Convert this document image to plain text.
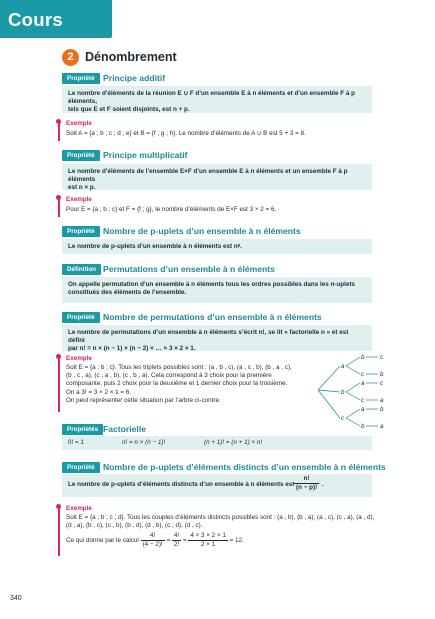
Cours
2 Dénombrement
Propriété Principe additif
Le nombre d’éléments de la réunion E ∪ F d’un ensemble E à n éléments et d’un ensemble F à p éléments,
tels que E et F soient disjoints, est n + p.
Exemple
Soit A = {a ; b ; c ; d ; e} et B = {f ; g ; h}. Le nombre d’éléments de A ∪ B est 5 + 3 = 8.
Propriété Principe multiplicatif
Le nombre d’éléments de l’ensemble E×F d’un ensemble E à n éléments et un ensemble F à p éléments
est n × p.
Exemple
Pour E = {a ; b ; c} et F = {f ; g}, le nombre d’éléments de E×F est 3 × 2 = 6.
Propriété Nombre de p-uplets d’un ensemble à n éléments
Le nombre de p-uplets d’un ensemble à n éléments est nᵖ.
Définition Permutations d’un ensemble à n éléments
On appelle permutation d’un ensemble à n éléments tous les ordres possibles dans les n-uplets
constitués des éléments de l’ensemble.
Propriété Nombre de permutations d’un ensemble à n éléments
Le nombre de permutations d’un ensemble à n éléments s’écrit n!, se lit « factorielle n » et est défini
par n! = n × (n − 1) × (n − 2) × … × 3 × 2 × 1.
Exemple
Soit E = {a ; b ; c}. Tous les triplets possibles sont : (a , b , c), (a , c , b), (b , a , c),
(b , c , a), (c , a , b), (c , b , a). Cela correspond à 3 choix pour la première
composante, puis 2 choix pour la deuxième et 1 dernier choix pour la troisième.
On a 3! = 3 × 2 × 1 = 6.
On peut représenter cette situation par l’arbre ci-contre.
a
b
c
b
c
a
c
a
b
c
b
c
a
b
a
Propriétés Factorielle
0! = 1	n! = n × (n − 1)!	(n + 1)! = (n + 1) × n!
Propriété Nombre de p-uplets d’éléments distincts d’un ensemble à n éléments
Le nombre de p-uplets d’éléments distincts d’un ensemble à n éléments est $\frac{n!}{(n - p)!}$ .
Exemple
Soit E = {a ; b ; c ; d}. Tous les couples d’éléments distincts possibles sont : (a , b), (b , a), (a , c), (c , a), (a , d),
(d , a), (b , c), (c , b), (b , d), (d , b), (c , d), (d , c).
Ce qui donne par le calcul $\frac{4!}{(4 - 2)!} = \frac{4!}{2!} = \frac{4 \times 3 \times 2 \times 1}{2 \times 1} = 12$.
340
